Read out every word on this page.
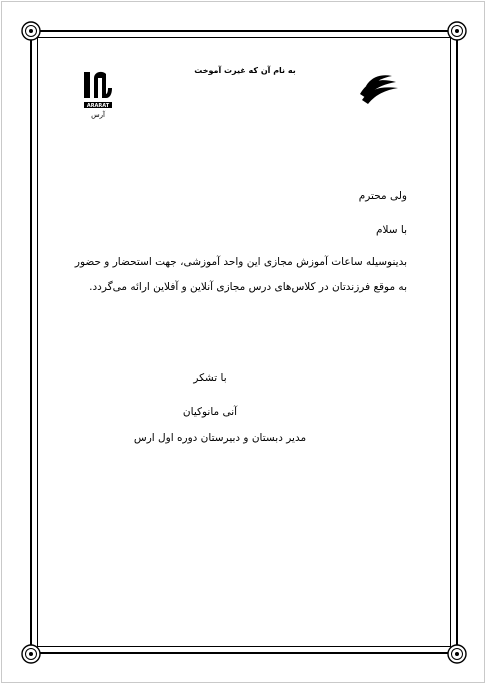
به نام آن که غیرت آموخت
ARARAT
آرس
ولی محترم
با سلام
بدینوسیله ساعات آموزش مجازی این واحد آموزشی، جهت استحضار و حضور به موقع فرزندتان در کلاس‌های درس مجازی آنلاین و آفلاین ارائه می‌گردد.
با تشکر
آنی مانوکیان
مدیر دبستان و دبیرستان دوره اول ارس
